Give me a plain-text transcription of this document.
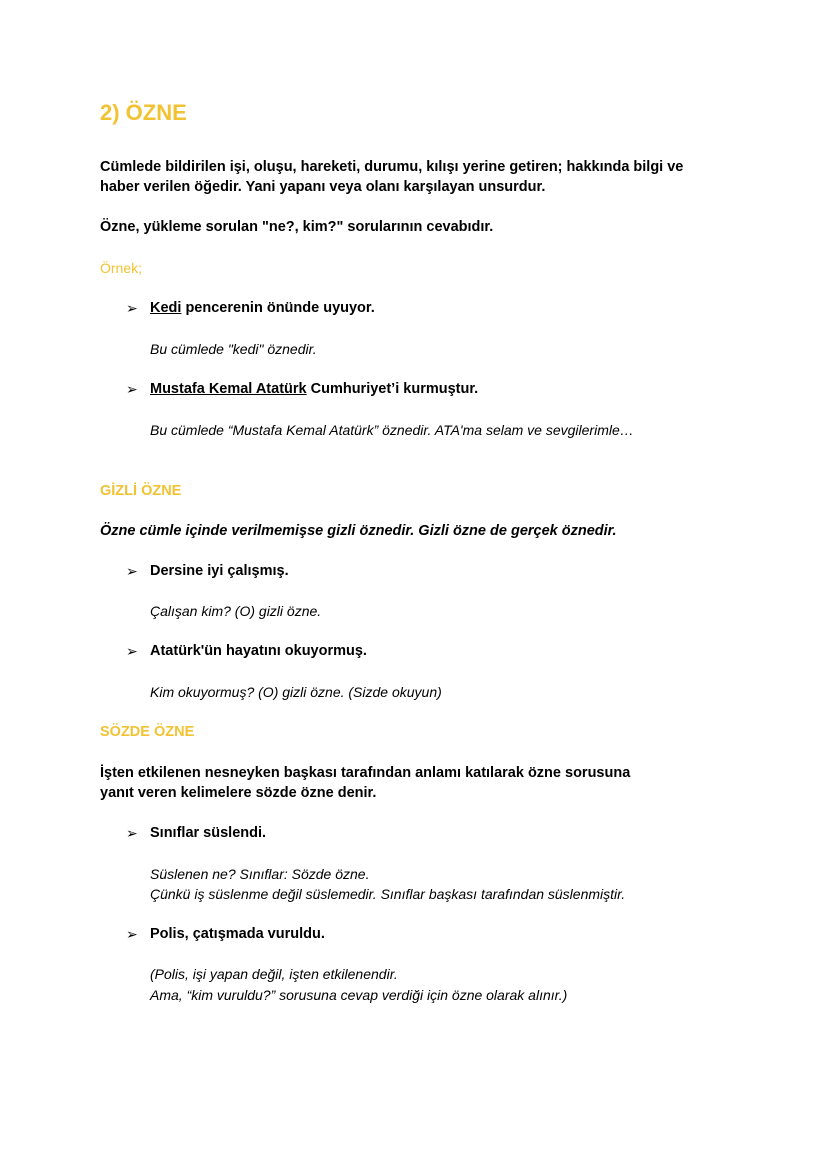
2) ÖZNE
Cümlede bildirilen işi, oluşu, hareketi, durumu, kılışı yerine getiren; hakkında bilgi ve
haber verilen öğedir. Yani yapanı veya olanı karşılayan unsurdur.
Özne, yükleme sorulan "ne?, kim?" sorularının cevabıdır.
Örnek;
➢ Kedi pencerenin önünde uyuyor.
Bu cümlede "kedi" öznedir.
➢ Mustafa Kemal Atatürk Cumhuriyet’i kurmuştur.
Bu cümlede “Mustafa Kemal Atatürk” öznedir. ATA'ma selam ve sevgilerimle…
GİZLİ ÖZNE
Özne cümle içinde verilmemişse gizli öznedir. Gizli özne de gerçek öznedir.
➢ Dersine iyi çalışmış.
Çalışan kim? (O) gizli özne.
➢ Atatürk'ün hayatını okuyormuş.
Kim okuyormuş? (O) gizli özne. (Sizde okuyun)
SÖZDE ÖZNE
İşten etkilenen nesneyken başkası tarafından anlamı katılarak özne sorusuna
yanıt veren kelimelere sözde özne denir.
➢ Sınıflar süslendi.
Süslenen ne? Sınıflar: Sözde özne.
Çünkü iş süslenme değil süslemedir. Sınıflar başkası tarafından süslenmiştir.
➢ Polis, çatışmada vuruldu.
(Polis, işi yapan değil, işten etkilenendir.
Ama, “kim vuruldu?” sorusuna cevap verdiği için özne olarak alınır.)
